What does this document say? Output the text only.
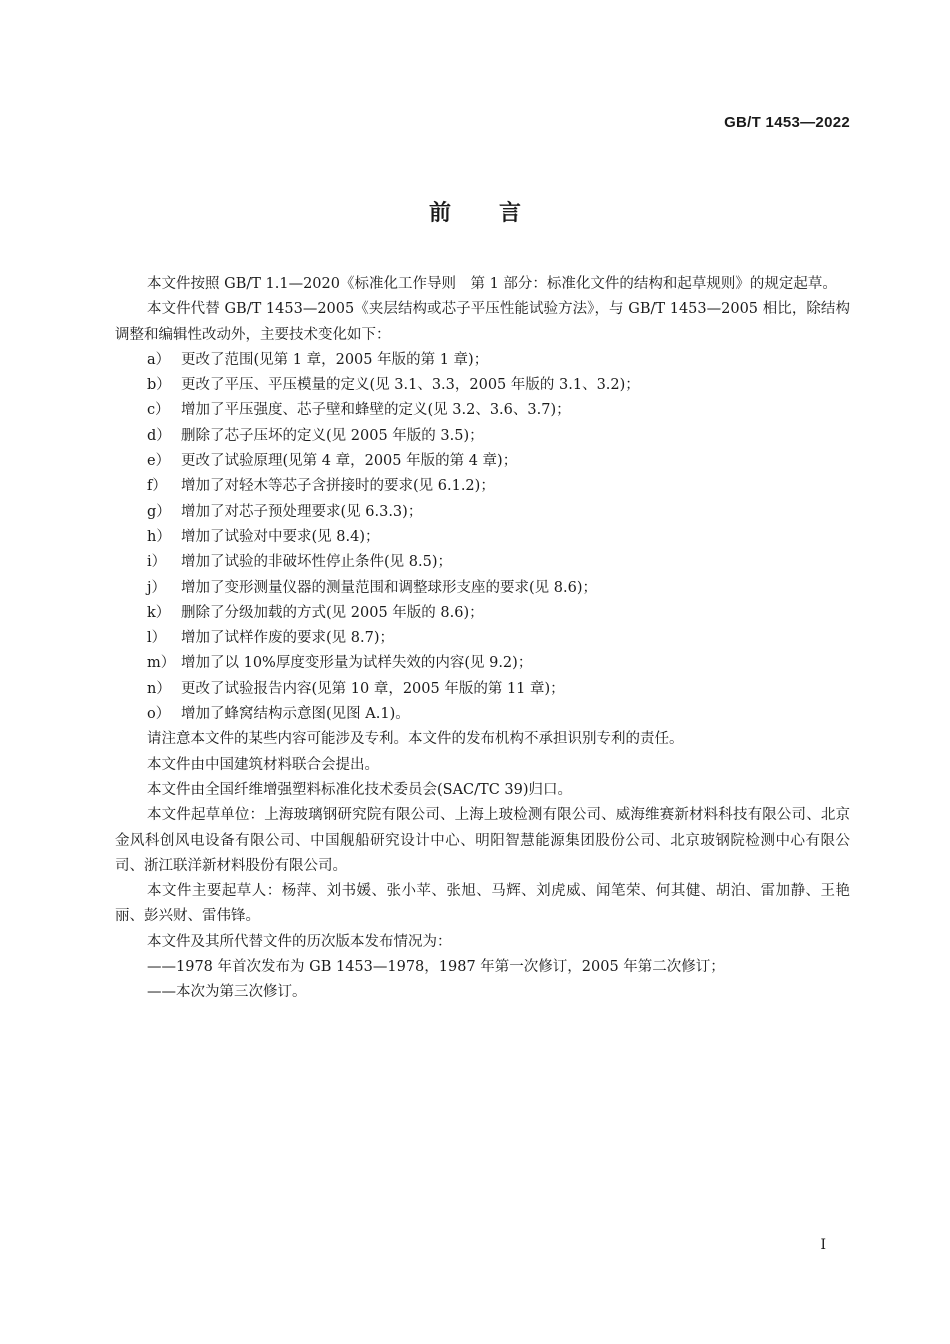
GB/T 1453—2022
前言

本文件按照 GB/T 1.1—2020《标准化工作导则　第 1 部分：标准化文件的结构和起草规则》的规定起草。

本文件代替 GB/T 1453—2005《夹层结构或芯子平压性能试验方法》，与 GB/T 1453—2005 相比，除结构调整和编辑性改动外，主要技术变化如下：

a） 更改了范围(见第 1 章，2005 年版的第 1 章)；
b） 更改了平压、平压模量的定义(见 3.1、3.3，2005 年版的 3.1、3.2)；
c） 增加了平压强度、芯子壁和蜂壁的定义(见 3.2、3.6、3.7)；
d） 删除了芯子压坏的定义(见 2005 年版的 3.5)；
e） 更改了试验原理(见第 4 章，2005 年版的第 4 章)；
f） 增加了对轻木等芯子含拼接时的要求(见 6.1.2)；
g） 增加了对芯子预处理要求(见 6.3.3)；
h） 增加了试验对中要求(见 8.4)；
i）	增加了试验的非破坏性停止条件(见 8.5)；
j）	增加了变形测量仪器的测量范围和调整球形支座的要求(见 8.6)；
k） 删除了分级加载的方式(见 2005 年版的 8.6)；
l）	增加了试样作废的要求(见 8.7)；
m） 增加了以 10%厚度变形量为试样失效的内容(见 9.2)；
n） 更改了试验报告内容(见第 10 章，2005 年版的第 11 章)；
o） 增加了蜂窝结构示意图(见图 A.1)。

请注意本文件的某些内容可能涉及专利。本文件的发布机构不承担识别专利的责任。

本文件由中国建筑材料联合会提出。

本文件由全国纤维增强塑料标准化技术委员会(SAC/TC 39)归口。

本文件起草单位：上海玻璃钢研究院有限公司、上海上玻检测有限公司、威海维赛新材料科技有限公司、北京金风科创风电设备有限公司、中国舰船研究设计中心、明阳智慧能源集团股份公司、北京玻钢院检测中心有限公司、浙江联洋新材料股份有限公司。

本文件主要起草人：杨萍、刘书媛、张小苹、张旭、马辉、刘虎威、闻笔荣、何其健、胡泊、雷加静、王艳丽、彭兴财、雷伟锋。

本文件及其所代替文件的历次版本发布情况为：

——1978 年首次发布为 GB 1453—1978，1987 年第一次修订，2005 年第二次修订；

——本次为第三次修订。

I
